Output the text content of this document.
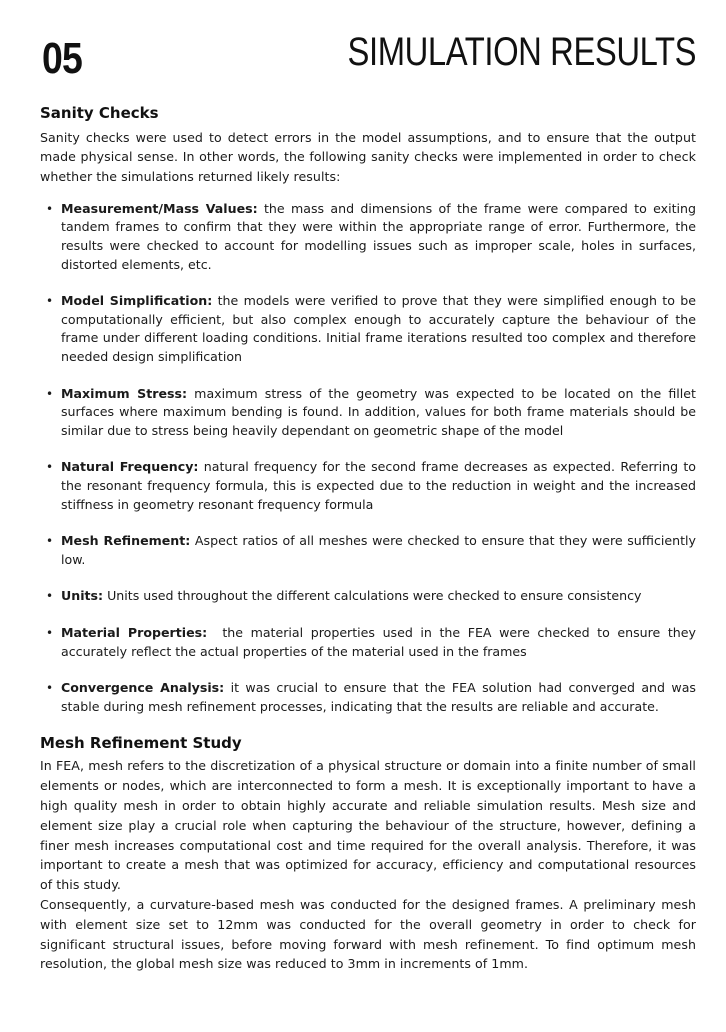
05	SIMULATION RESULTS
Sanity Checks

Sanity checks were used to detect errors in the model assumptions, and to ensure that the output made physical sense. In other words, the following sanity checks were implemented in order to check whether the simulations returned likely results:

• Measurement/Mass Values: the mass and dimensions of the frame were compared to exiting tandem frames to confirm that they were within the appropriate range of error. Furthermore, the results were checked to account for modelling issues such as improper scale, holes in surfaces, distorted elements, etc.
• Model Simplification: the models were verified to prove that they were simplified enough to be computationally efficient, but also complex enough to accurately capture the behaviour of the frame under different loading conditions. Initial frame iterations resulted too complex and therefore needed design simplification
• Maximum Stress: maximum stress of the geometry was expected to be located on the fillet surfaces where maximum bending is found. In addition, values for both frame materials should be similar due to stress being heavily dependant on geometric shape of the model
• Natural Frequency: natural frequency for the second frame decreases as expected. Referring to the resonant frequency formula, this is expected due to the reduction in weight and the increased stiffness in geometry resonant frequency formula
• Mesh Refinement: Aspect ratios of all meshes were checked to ensure that they were sufficiently low.
• Units: Units used throughout the different calculations were checked to ensure consistency
• Material Properties:  the material properties used in the FEA were checked to ensure they accurately reflect the actual properties of the material used in the frames
• Convergence Analysis: it was crucial to ensure that the FEA solution had converged and was stable during mesh refinement processes, indicating that the results are reliable and accurate.
Mesh Refinement Study

In FEA, mesh refers to the discretization of a physical structure or domain into a finite number of small elements or nodes, which are interconnected to form a mesh. It is exceptionally important to have a high quality mesh in order to obtain highly accurate and reliable simulation results. Mesh size and element size play a crucial role when capturing the behaviour of the structure, however, defining a finer mesh increases computational cost and time required for the overall analysis. Therefore, it was important to create a mesh that was optimized for accuracy, efficiency and computational resources of this study.

Consequently, a curvature-based mesh was conducted for the designed frames. A preliminary mesh with element size set to 12mm was conducted for the overall geometry in order to check for significant structural issues, before moving forward with mesh refinement. To find optimum mesh resolution, the global mesh size was reduced to 3mm in increments of 1mm.
